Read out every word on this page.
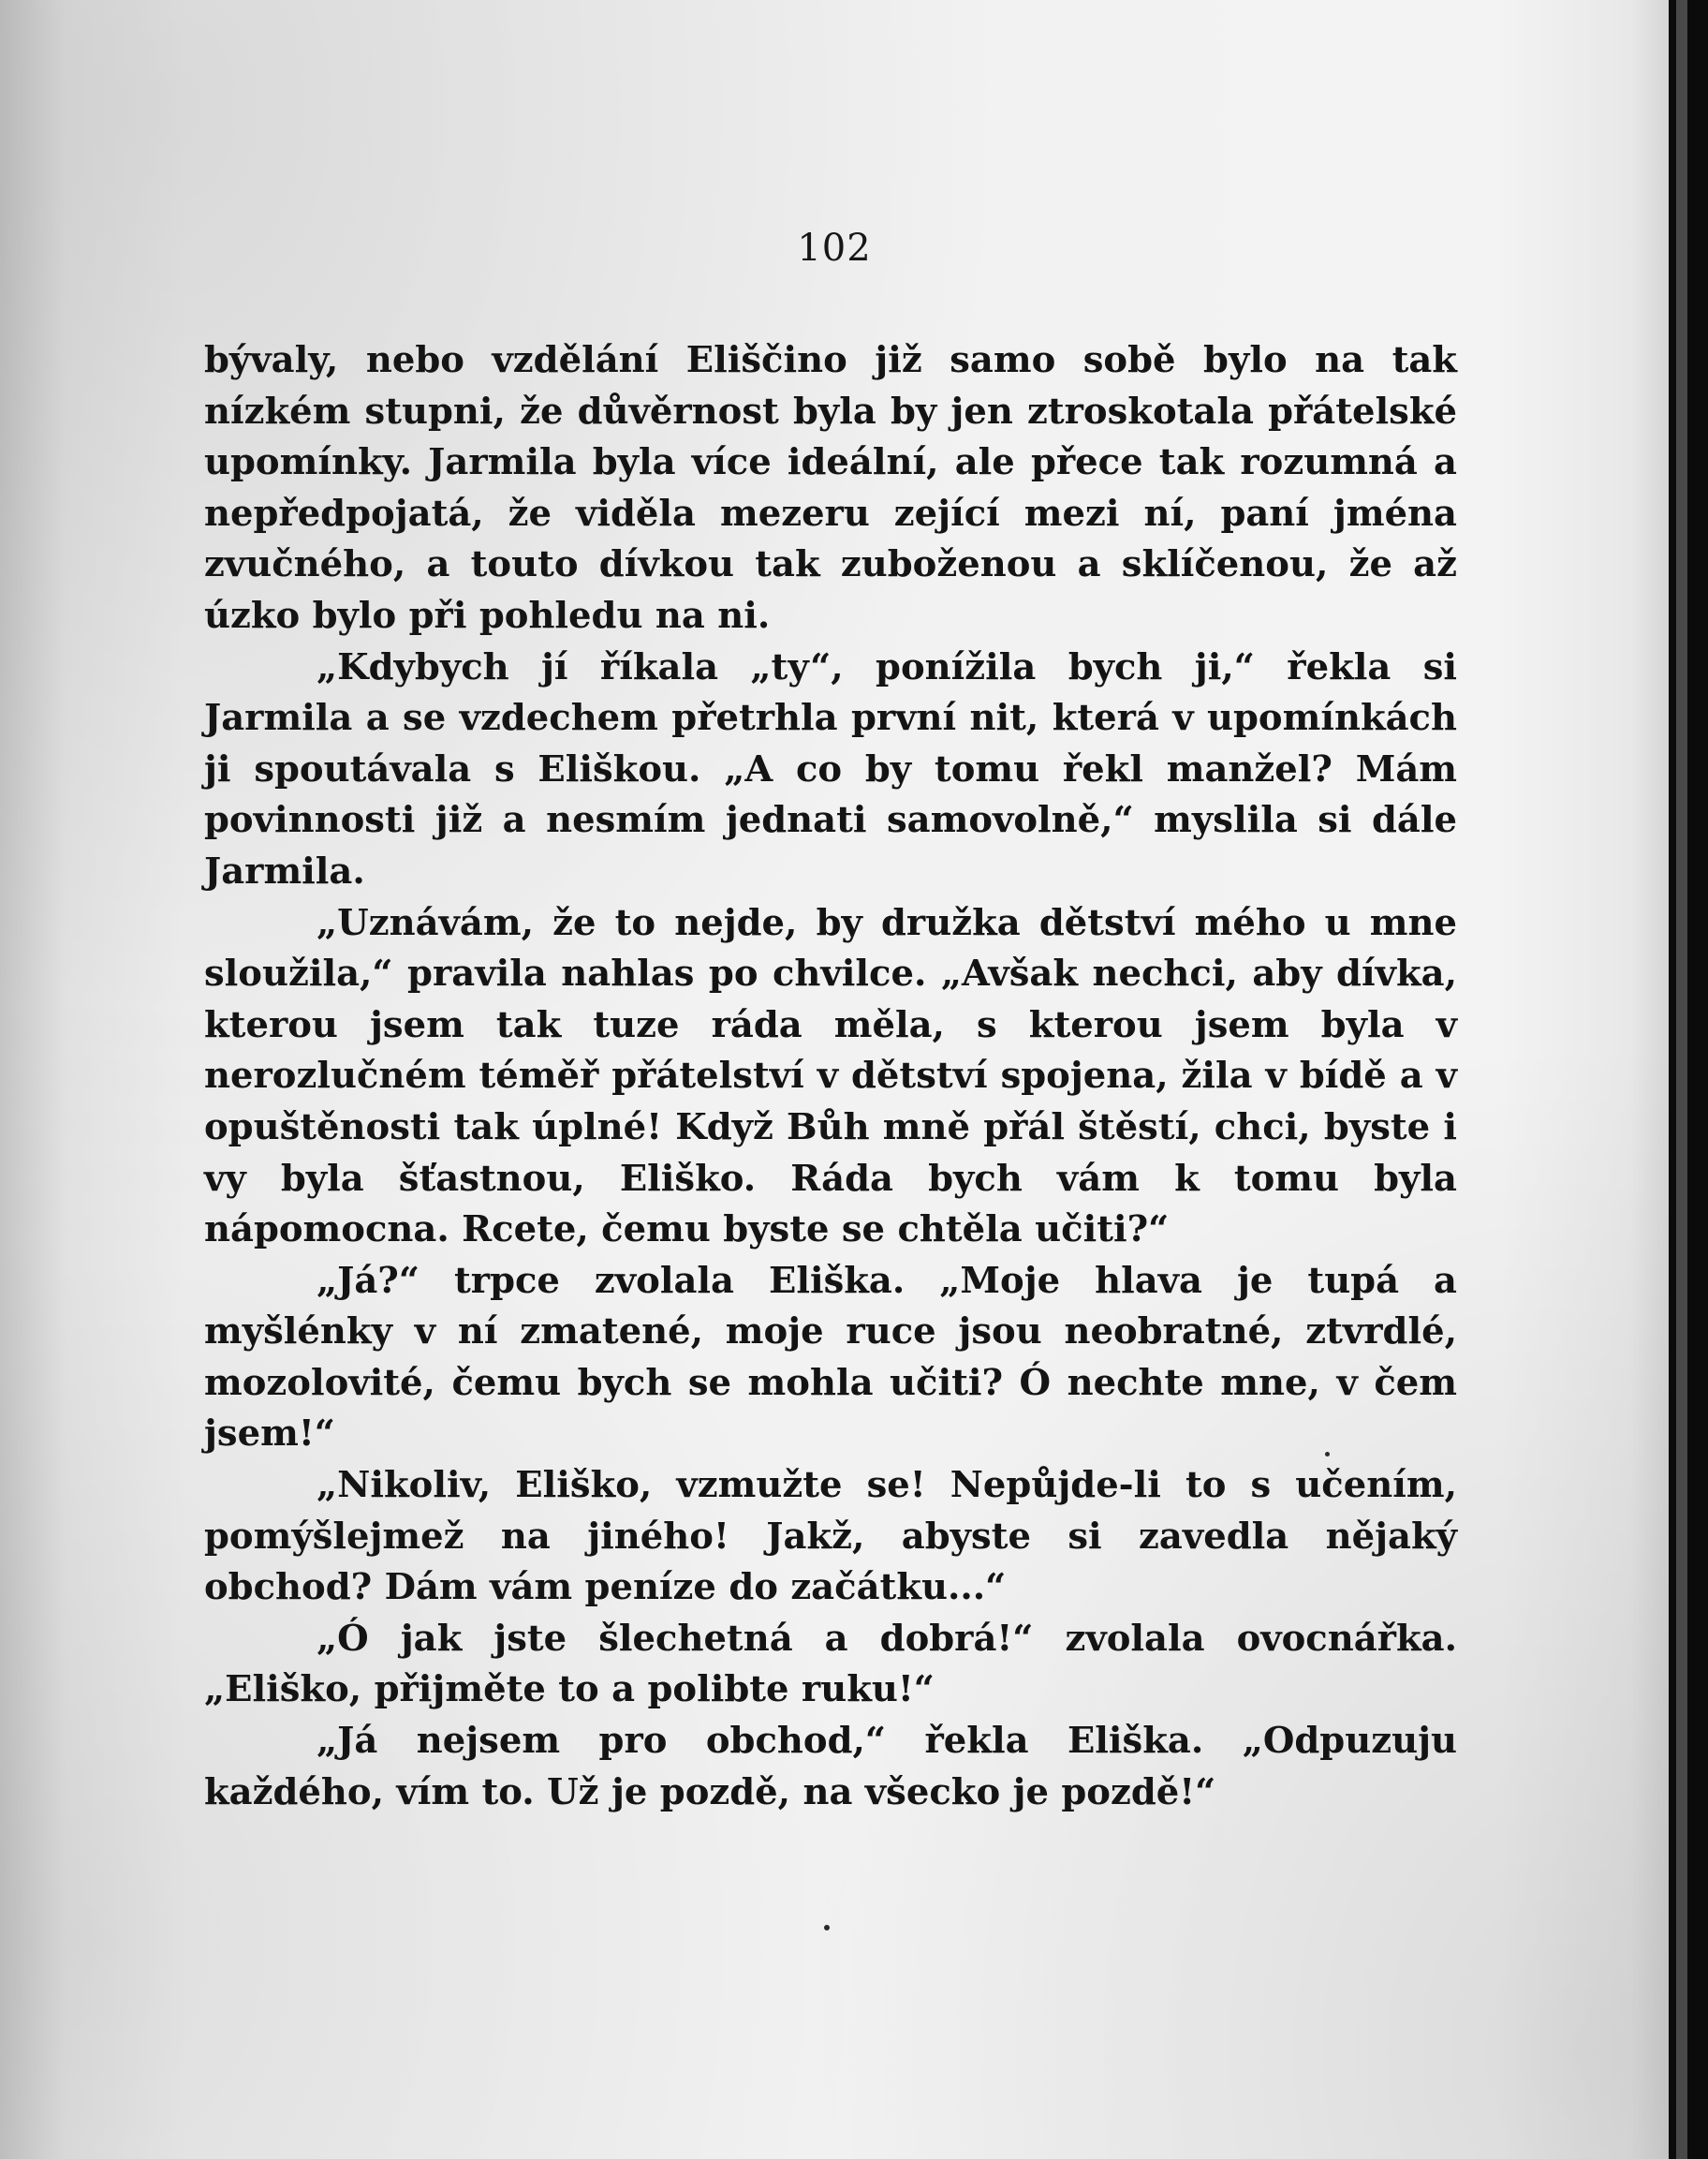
102

bývaly, nebo vzdělání Eliščino již samo sobě bylo na tak nízkém stupni, že důvěrnost byla by jen ztroskotala přátelské upomínky. Jarmila byla více ideální, ale přece tak rozumná a nepředpojatá, že viděla mezeru zející mezi ní, paní jména zvučného, a touto dívkou tak zuboženou a sklíčenou, že až úzko bylo při pohledu na ni.

„Kdybych jí říkala „ty“, ponížila bych ji,“ řekla si Jarmila a se vzdechem přetrhla první nit, která v upomínkách ji spoutávala s Eliškou. „A co by tomu řekl manžel? Mám povinnosti již a nesmím jednati samovolně,“ myslila si dále Jarmila.

„Uznávám, že to nejde, by družka dětství mého u mne sloužila,“ pravila nahlas po chvilce. „Avšak nechci, aby dívka, kterou jsem tak tuze ráda měla, s kterou jsem byla v nerozlučném téměř přátelství v dětství spojena, žila v bídě a v opuštěnosti tak úplné! Když Bůh mně přál štěstí, chci, byste i vy byla šťastnou, Eliško. Ráda bych vám k tomu byla nápomocna. Rcete, čemu byste se chtěla učiti?“

„Já?“ trpce zvolala Eliška. „Moje hlava je tupá a myšlénky v ní zmatené, moje ruce jsou neobratné, ztvrdlé, mozolovité, čemu bych se mohla učiti? Ó nechte mne, v čem jsem!“

„Nikoliv, Eliško, vzmužte se! Nepůjde-li to s učením, pomýšlejmež na jiného! Jakž, abyste si zavedla nějaký obchod? Dám vám peníze do začátku...“

„Ó jak jste šlechetná a dobrá!“ zvolala ovocnářka. „Eliško, přijměte to a polibte ruku!“

„Já nejsem pro obchod,“ řekla Eliška. „Odpuzuju každého, vím to. Už je pozdě, na všecko je pozdě!“
